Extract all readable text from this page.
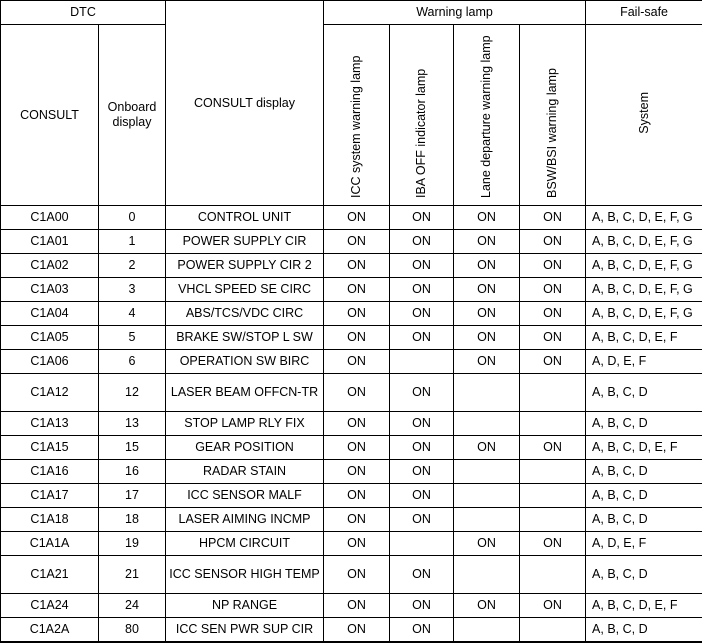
DTC		CONSULT display	Warning lamp				Fail-safe
CONSULT	Onboard display		ICC system warning lamp	IBA OFF indicator lamp	Lane departure warning lamp	BSW/BSI warning lamp	System
C1A00	0	CONTROL UNIT	ON	ON	ON	ON	A, B, C, D, E, F, G
C1A01	1	POWER SUPPLY CIR	ON	ON	ON	ON	A, B, C, D, E, F, G
C1A02	2	POWER SUPPLY CIR 2	ON	ON	ON	ON	A, B, C, D, E, F, G
C1A03	3	VHCL SPEED SE CIRC	ON	ON	ON	ON	A, B, C, D, E, F, G
C1A04	4	ABS/TCS/VDC CIRC	ON	ON	ON	ON	A, B, C, D, E, F, G
C1A05	5	BRAKE SW/STOP L SW	ON	ON	ON	ON	A, B, C, D, E, F
C1A06	6	OPERATION SW BIRC	ON		ON	ON	A, D, E, F
C1A12	12	LASER BEAM OFFCN-TR	ON	ON			A, B, C, D
C1A13	13	STOP LAMP RLY FIX	ON	ON			A, B, C, D
C1A15	15	GEAR POSITION	ON	ON	ON	ON	A, B, C, D, E, F
C1A16	16	RADAR STAIN	ON	ON			A, B, C, D
C1A17	17	ICC SENSOR MALF	ON	ON			A, B, C, D
C1A18	18	LASER AIMING INCMP	ON	ON			A, B, C, D
C1A1A	19	HPCM CIRCUIT	ON		ON	ON	A, D, E, F
C1A21	21	ICC SENSOR HIGH TEMP	ON	ON			A, B, C, D
C1A24	24	NP RANGE	ON	ON	ON	ON	A, B, C, D, E, F
C1A2A	80	ICC SEN PWR SUP CIR	ON	ON			A, B, C, D
